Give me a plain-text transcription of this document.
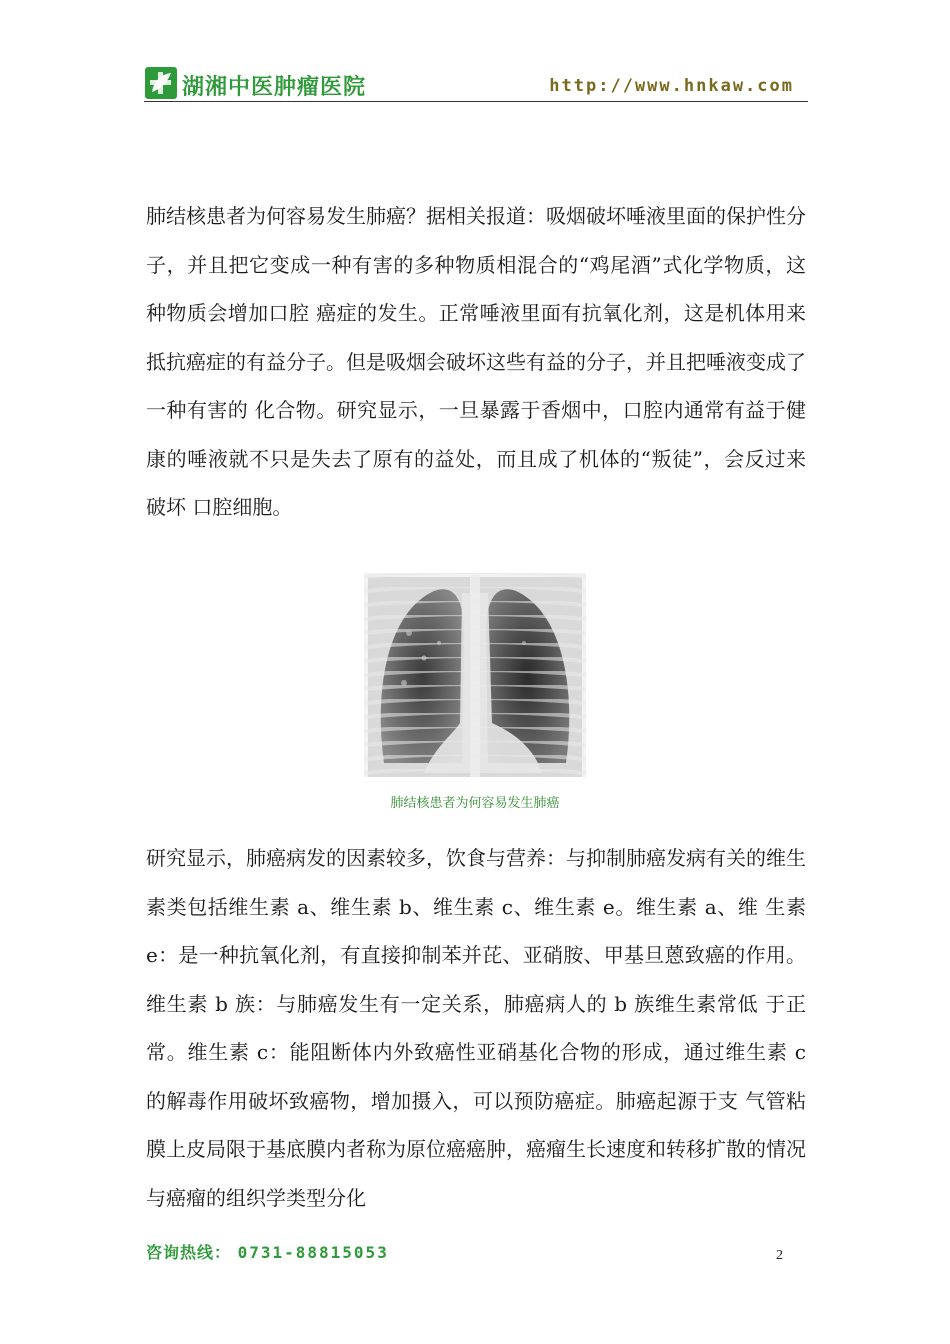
湖湘中医肿瘤医院	http://www.hnkaw.com

肺结核患者为何容易发生肺癌？据相关报道：吸烟破坏唾液里面的保护性分子，并且把它变成一种有害的多种物质相混合的“鸡尾酒”式化学物质，这种物质会增加口腔 癌症的发生。正常唾液里面有抗氧化剂，这是机体用来抵抗癌症的有益分子。但是吸烟会破坏这些有益的分子，并且把唾液变成了一种有害的 化合物。研究显示，一旦暴露于香烟中，口腔内通常有益于健康的唾液就不只是失去了原有的益处，而且成了机体的“叛徒”，会反过来破坏 口腔细胞。

肺结核患者为何容易发生肺癌

研究显示，肺癌病发的因素较多，饮食与营养：与抑制肺癌发病有关的维生素类包括维生素 a、维生素 b、维生素 c、维生素 e。维生素 a、维 生素 e：是一种抗氧化剂，有直接抑制苯并芘、亚硝胺、甲基旦蒽致癌的作用。维生素 b 族：与肺癌发生有一定关系，肺癌病人的 b 族维生素常低 于正常。维生素 c：能阻断体内外致癌性亚硝基化合物的形成，通过维生素 c 的解毒作用破坏致癌物，增加摄入，可以预防癌症。肺癌起源于支 气管粘膜上皮局限于基底膜内者称为原位癌癌肿，癌瘤生长速度和转移扩散的情况与癌瘤的组织学类型分化

咨询热线： 0731-88815053	2
